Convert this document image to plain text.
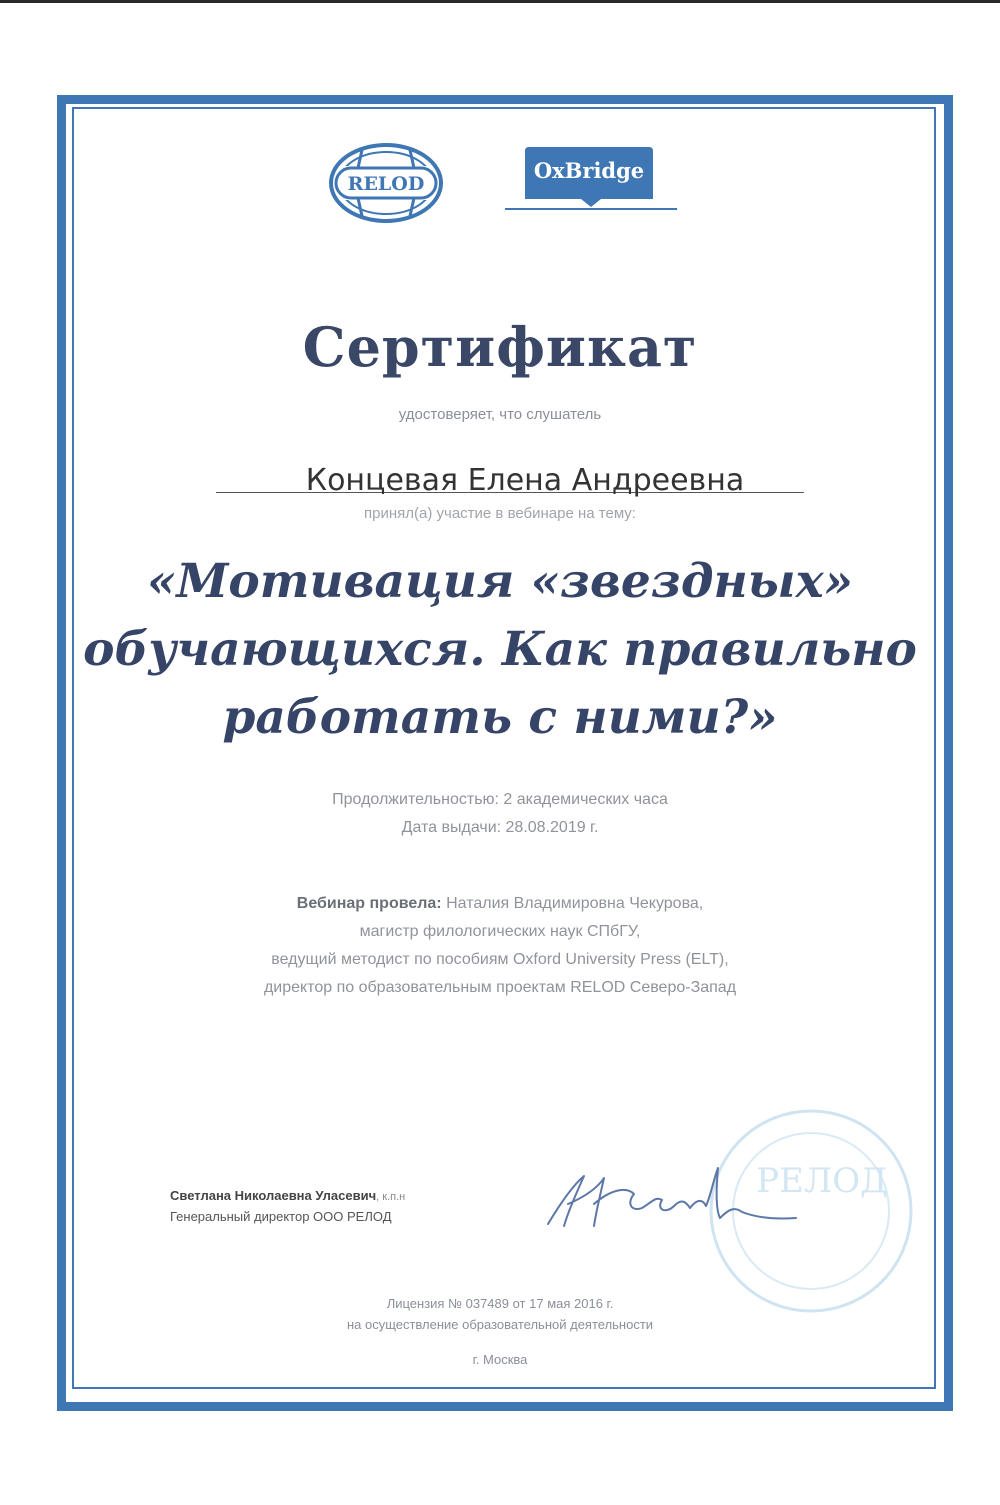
RELOD
OxBridge
Сертификат
удостоверяет, что слушатель
Концевая Елена Андреевна
принял(а) участие в вебинаре на тему:
«Мотивация «звездных»
обучающихся. Как правильно
работать с ними?»
Продолжительностью: 2 академических часа
Дата выдачи: 28.08.2019 г.
Вебинар провела: Наталия Владимировна Чекурова,
магистр филологических наук СПбГУ,
ведущий методист по пособиям Oxford University Press (ELT),
директор по образовательным проектам RELOD Северо-Запад
Светлана Николаевна Уласевич, к.п.н
Генеральный директор ООО РЕЛОД
РЕЛОД
Лицензия № 037489 от 17 мая 2016 г.
на осуществление образовательной деятельности
г. Москва
